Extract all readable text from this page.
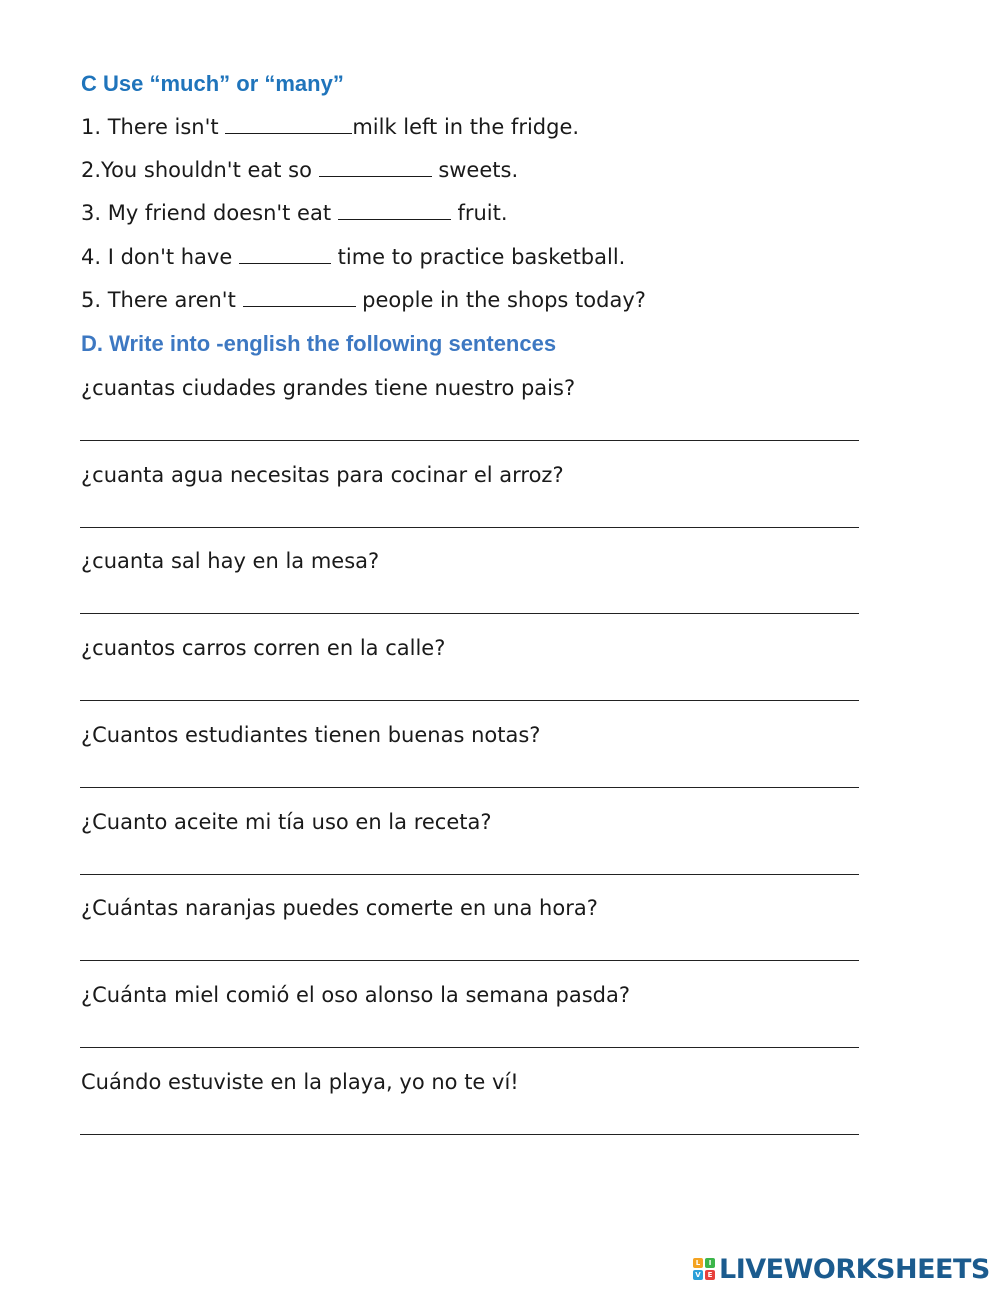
C Use “much” or “many”

1. There isn't	milk left in the fridge.

2.You shouldn't eat so	sweets.

3. My friend doesn't eat	fruit.

4. I don't have	time to practice basketball.

5. There aren't	people in the shops today?

D. Write into -english the following sentences

¿cuantas ciudades grandes tiene nuestro pais?

¿cuanta agua necesitas para cocinar el arroz?

¿cuanta sal hay en la mesa?

¿cuantos carros corren en la calle?

¿Cuantos estudiantes tienen buenas notas?

¿Cuanto aceite mi tía uso en la receta?

¿Cuántas naranjas puedes comerte en una hora?

¿Cuánta miel comió el oso alonso la semana pasda?

Cuándo estuviste en la playa, yo no te ví!

L	I
V E LIVEWORKSHEETS
